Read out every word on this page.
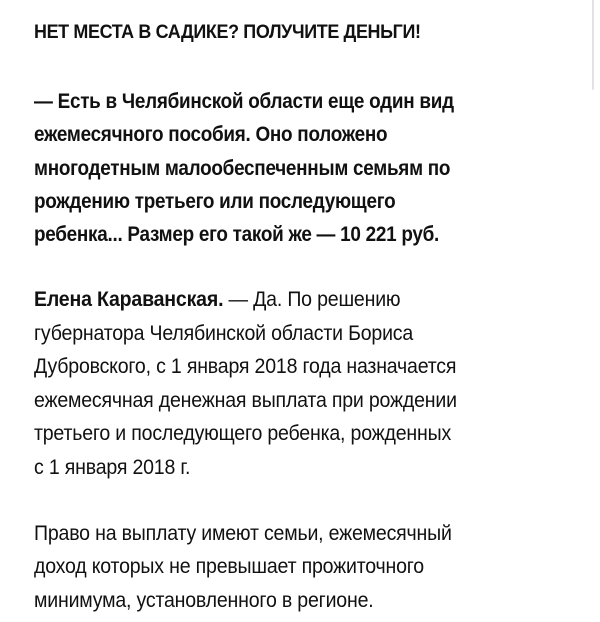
НЕТ МЕСТА В САДИКЕ? ПОЛУЧИТЕ ДЕНЬГИ!

— Есть в Челябинской области еще один вид
ежемесячного пособия. Оно положено
многодетным малообеспеченным семьям по
рождению третьего или последующего
ребенка... Размер его такой же — 10 221 руб.

Елена Караванская. — Да. По решению
губернатора Челябинской области Бориса
Дубровского, с 1 января 2018 года назначается
ежемесячная денежная выплата при рождении
третьего и последующего ребенка, рожденных
с 1 января 2018 г.

Право на выплату имеют семьи, ежемесячный
доход которых не превышает прожиточного
минимума, установленного в регионе.
